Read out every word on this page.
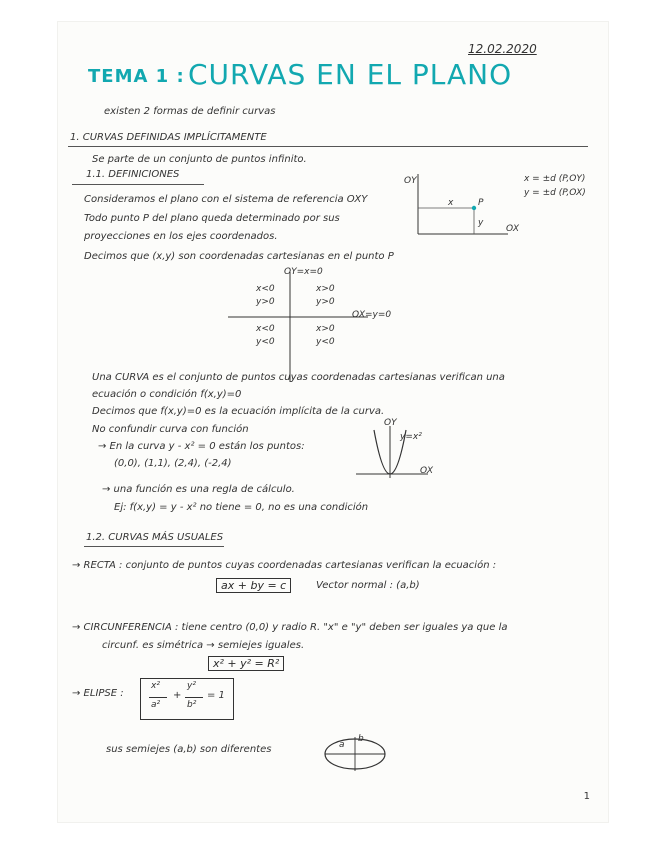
12.02.2020
TEMA 1 : CURVAS EN EL PLANO
existen 2 formas de definir curvas
1. CURVAS DEFINIDAS IMPLÍCITAMENTE
Se parte de un conjunto de puntos infinito.
1.1. DEFINICIONES
Consideramos el plano con el sistema de referencia OXY
Todo punto P del plano queda determinado por sus
proyecciones en los ejes coordenados.
Decimos que (x,y) son coordenadas cartesianas en el punto P
OY
OX
P
x
y
x = ±d (P,OY)
y = ±d (P,OX)
OY=x=0
OX=y=0
x<0
y>0
x>0
y>0
x<0
y<0
x>0
y<0
Una CURVA es el conjunto de puntos cuyas coordenadas cartesianas verifican una
ecuación o condición f(x,y)=0
Decimos que f(x,y)=0 es la ecuación implícita de la curva.
No confundir curva con función
→ En la curva y - x² = 0 están los puntos:
(0,0), (1,1), (2,4), (-2,4)
→ una función es una regla de cálculo.
Ej: f(x,y) = y - x² no tiene = 0, no es una condición
OY
y=x²
OX
1.2. CURVAS MÁS USUALES
→ RECTA : conjunto de puntos cuyas coordenadas cartesianas verifican la ecuación :
ax + by = c	Vector normal : (a,b)
→ CIRCUNFERENCIA : tiene centro (0,0) y radio R. "x" e "y" deben ser iguales ya que la
circunf. es simétrica → semiejes iguales.
x² + y² = R²
→ ELIPSE :
x²
a²
+
y²
b²
= 1
sus semiejes (a,b) son diferentes	a
b
1
